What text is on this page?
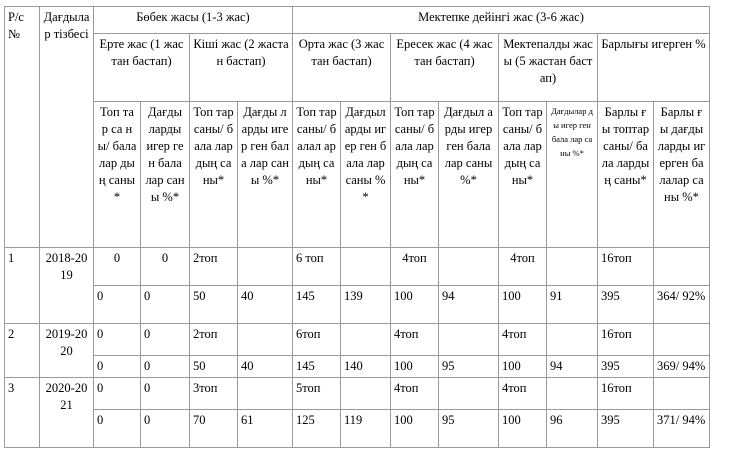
Р/с №	Дағдылар тізбесі	Бөбек жасы (1-3 жас)				Мектепке дейінгі жас (3-6 жас)							
		Ерте жас (1 жастан бастап)		Кіші жас (2 жастан бастап)		Орта жас (3 жастан бастап)		Ересек жас (4 жастан бастап)		Мектепалды жасы (5 жастан бастап)		Барлығы игерген %	
		Топ тар са ны/ бала лар дың саны*	Дағды ларды игер ген бала лар саны %*	Топ тар саны/ бала лар дың саны*	Дағды ларды игер ген бала лар саны %*	Топ тар саны/ балал ар дың саны*	Дағдыл арды игер ген бала лар саны %*	Топ тар саны/ бала лар дың саны*	Дағдыл арды игер ген бала лар саны %*	Топ тар саны/ бала лар дың саны*	Дағдылар ды игер ген бала лар саны %*	Барлы ғы топтар саны/ бала лардың саны*	Барлы ғы дағды ларды игерген балалар саны %*
1	2018-2019	0	0	2топ		6 топ		4топ		4топ		16топ	
		0	0	50	40	145	139	100	94	100	91	395	364/ 92%
2	2019-2020	0	0	2топ		6топ		4топ		4топ		16топ	
		0	0	50	40	145	140	100	95	100	94	395	369/ 94%
3	2020-2021	0	0	3топ		5топ		4топ		4топ		16топ	
		0	0	70	61	125	119	100	95	100	96	395	371/ 94%
